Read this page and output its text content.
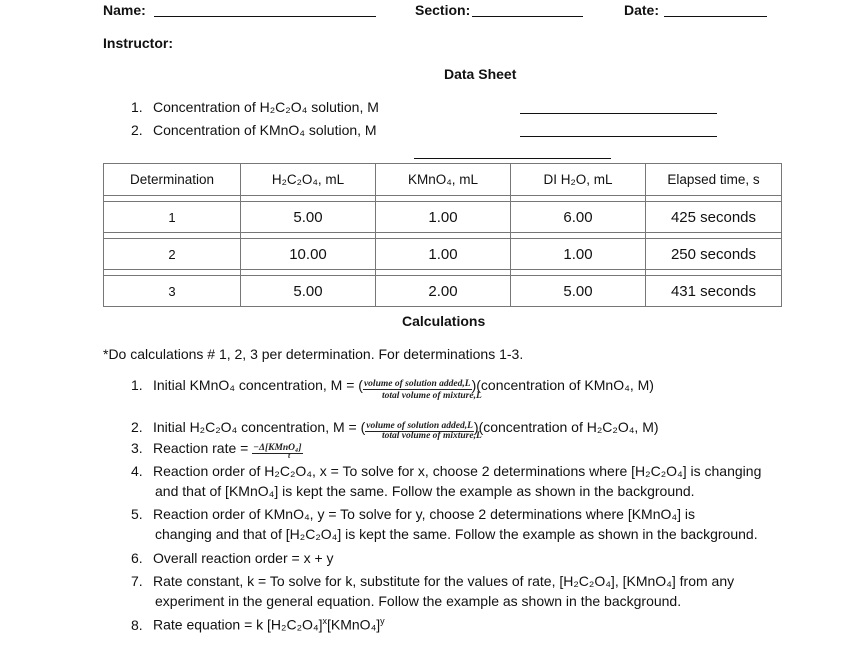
Name:	Section:	Date:
Instructor:
Data Sheet
1. Concentration of H₂C₂O₄ solution, M
2. Concentration of KMnO₄ solution, M
Determination	H₂C₂O₄, mL	KMnO₄, mL	DI H₂O, mL	Elapsed time, s

1	5.00	1.00	6.00	425 seconds

2	10.00	1.00	1.00	250 seconds

3	5.00	2.00	5.00	431 seconds
Calculations
*Do calculations # 1, 2, 3 per determination. For determinations 1-3.
1. Initial KMnO₄ concentration, M = (volume of solution added,L)(concentration of KMnO₄, M)
total volume of mixture,L
2. Initial H₂C₂O₄ concentration, M = (volume of solution added,L)(concentration of H₂C₂O₄, M)
total volume of mixture,L
3. Reaction rate = −Δ[KMnO₄]
t
4. Reaction order of H₂C₂O₄, x = To solve for x, choose 2 determinations where [H₂C₂O₄] is changing
and that of [KMnO₄] is kept the same. Follow the example as shown in the background.
5. Reaction order of KMnO₄, y = To solve for y, choose 2 determinations where [KMnO₄] is
changing and that of [H₂C₂O₄] is kept the same. Follow the example as shown in the background.
6. Overall reaction order = x + y
7. Rate constant, k = To solve for k, substitute for the values of rate, [H₂C₂O₄], [KMnO₄] from any
experiment in the general equation. Follow the example as shown in the background.
8. Rate equation = k $[H_2C_2O_4]^x[KMnO_4]^y$
